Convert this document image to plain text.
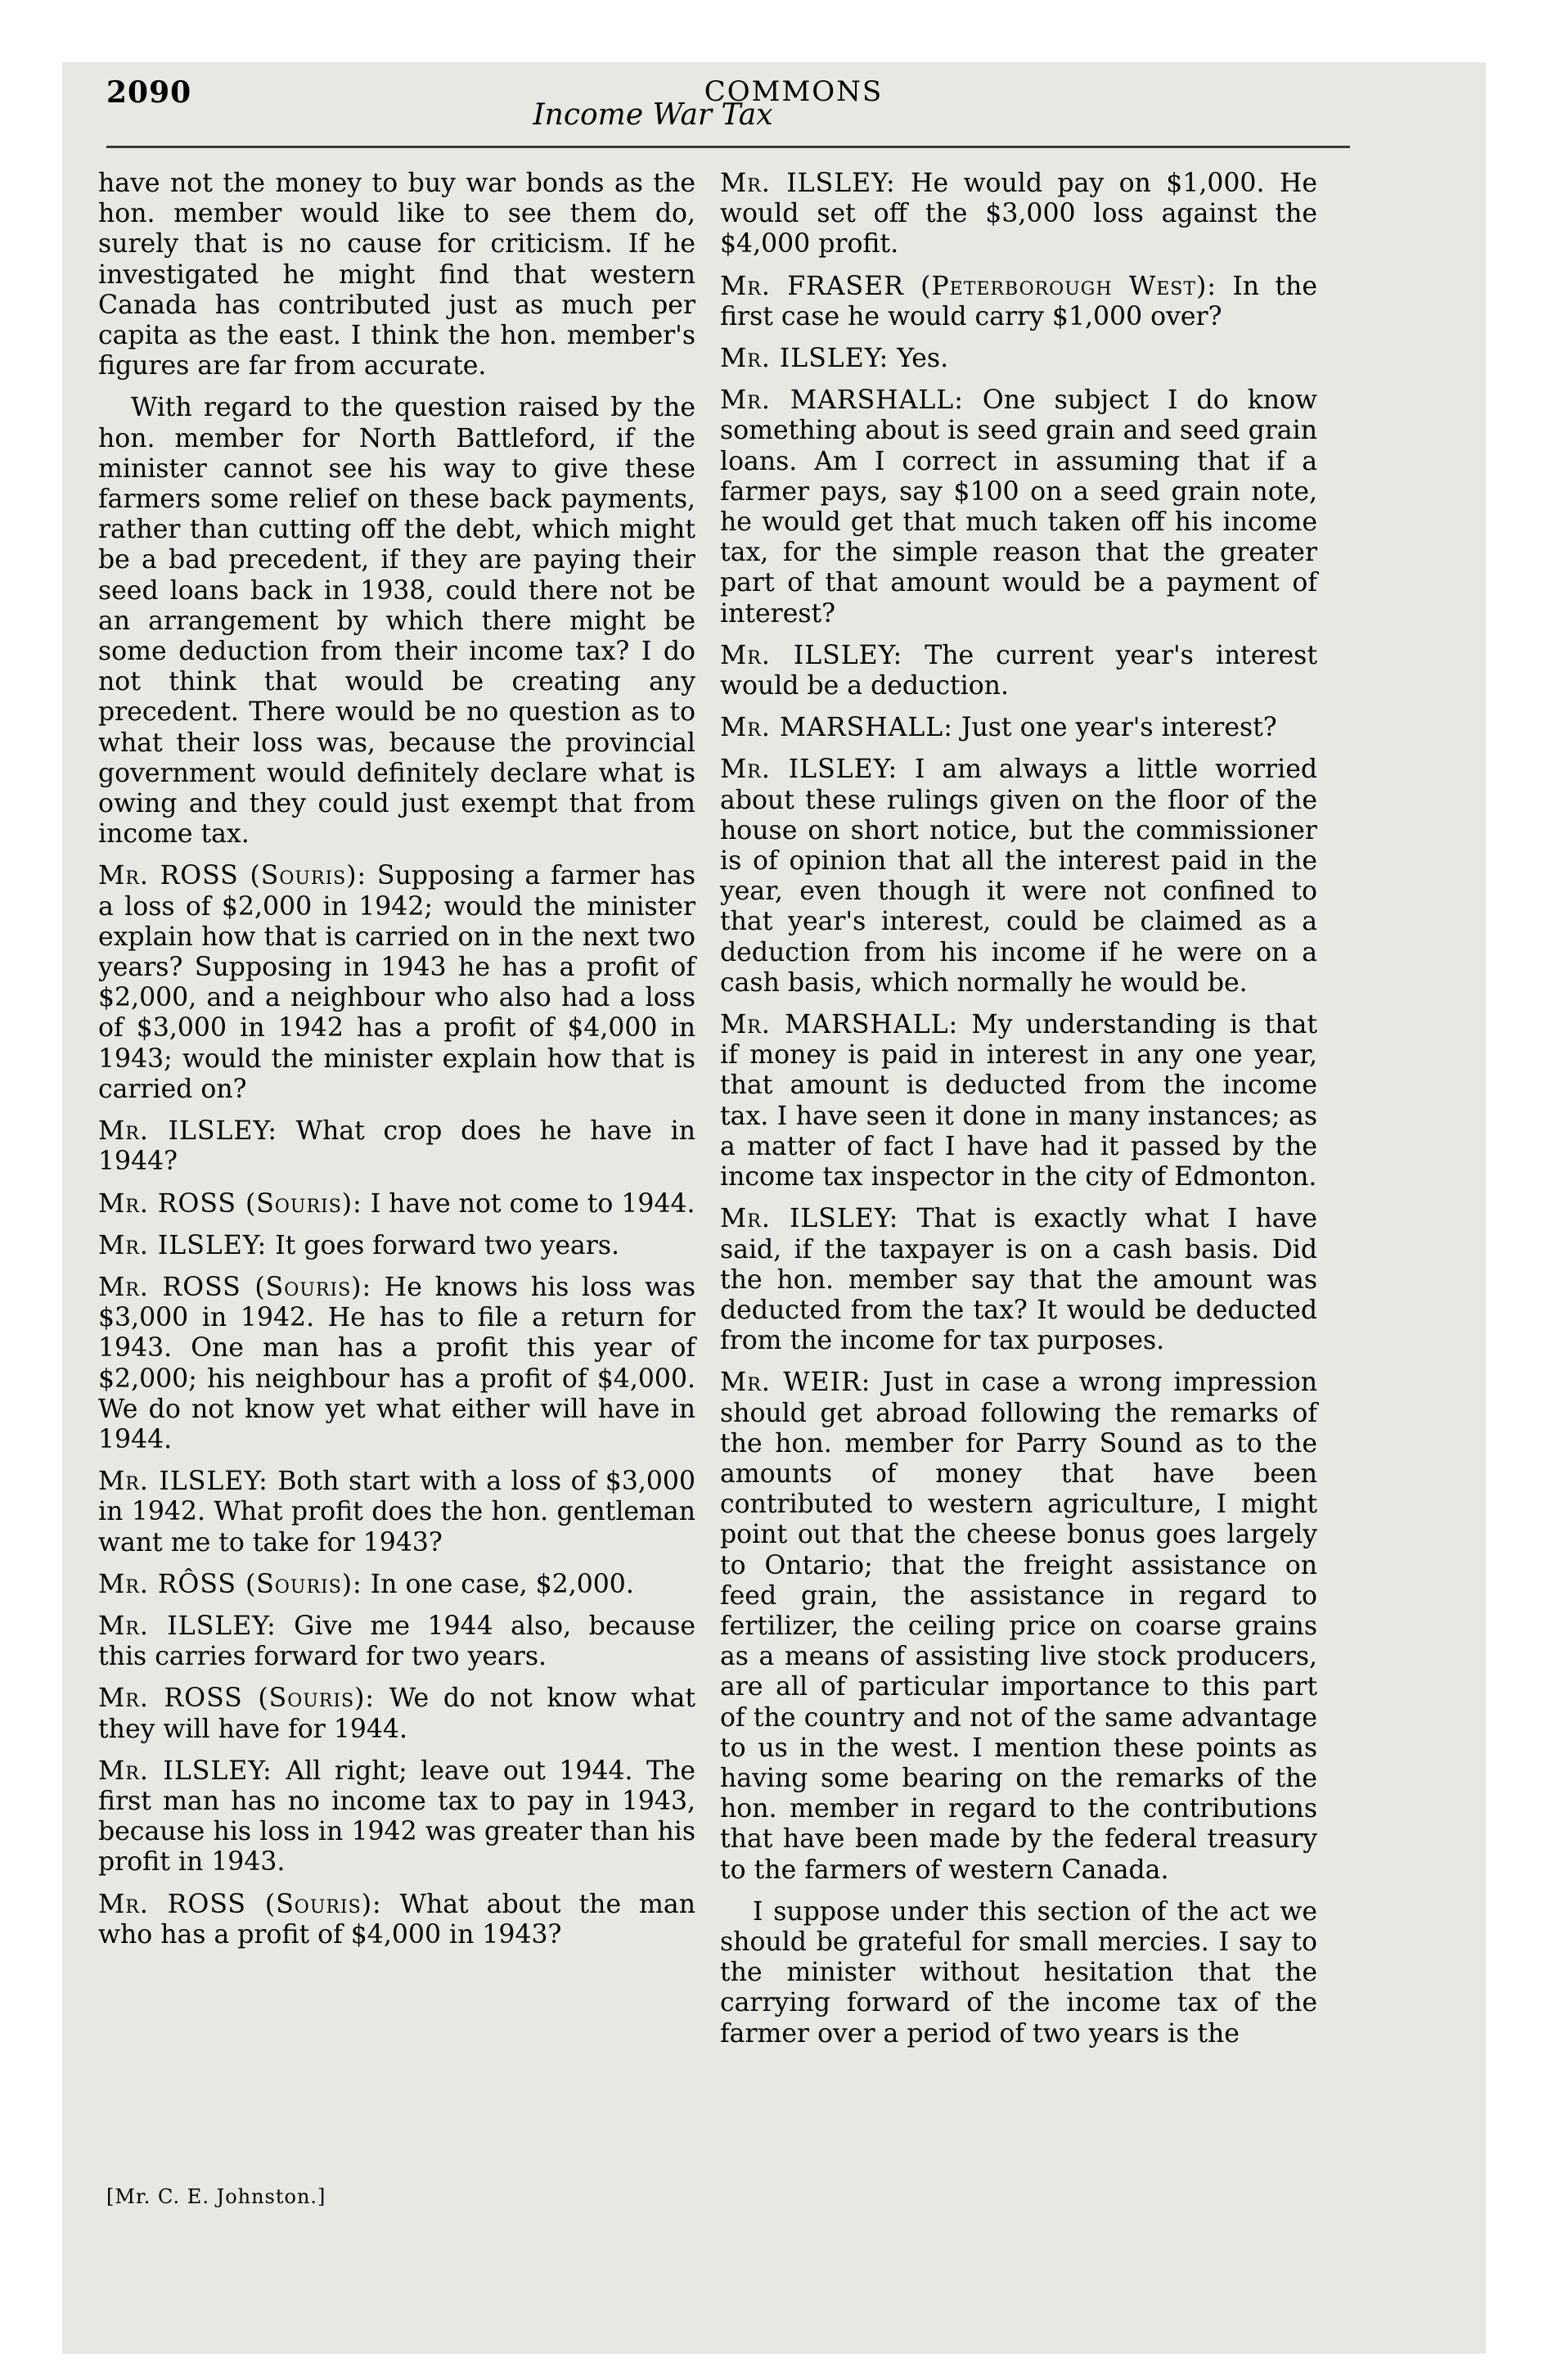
2090
Income War Tax
COMMONS

have not the money to buy war bonds as the hon. member would like to see them do, surely that is no cause for criticism. If he investigated he might find that western Canada has contributed just as much per capita as the east. I think the hon. member's figures are far from accurate.

With regard to the question raised by the hon. member for North Battleford, if the minister cannot see his way to give these farmers some relief on these back payments, rather than cutting off the debt, which might be a bad precedent, if they are paying their seed loans back in 1938, could there not be an arrangement by which there might be some deduction from their income tax? I do not think that would be creating any precedent. There would be no question as to what their loss was, because the provincial government would definitely declare what is owing and they could just exempt that from income tax.

Mr. ROSS (Souris): Supposing a farmer has a loss of $2,000 in 1942; would the minister explain how that is carried on in the next two years? Supposing in 1943 he has a profit of $2,000, and a neighbour who also had a loss of $3,000 in 1942 has a profit of $4,000 in 1943; would the minister explain how that is carried on?

Mr. ILSLEY: What crop does he have in 1944?

Mr. ROSS (Souris): I have not come to 1944.

Mr. ILSLEY: It goes forward two years.

Mr. ROSS (Souris): He knows his loss was $3,000 in 1942. He has to file a return for 1943. One man has a profit this year of $2,000; his neighbour has a profit of $4,000. We do not know yet what either will have in 1944.

Mr. ILSLEY: Both start with a loss of $3,000 in 1942. What profit does the hon. gentleman want me to take for 1943?

Mr. RÔSS (Souris): In one case, $2,000.

Mr. ILSLEY: Give me 1944 also, because this carries forward for two years.

Mr. ROSS (Souris): We do not know what they will have for 1944.

Mr. ILSLEY: All right; leave out 1944. The first man has no income tax to pay in 1943, because his loss in 1942 was greater than his profit in 1943.

Mr. ROSS (Souris): What about the man who has a profit of $4,000 in 1943?

Mr. ILSLEY: He would pay on $1,000. He would set off the $3,000 loss against the $4,000 profit.

Mr. FRASER (Peterborough West): In the first case he would carry $1,000 over?

Mr. ILSLEY: Yes.

Mr. MARSHALL: One subject I do know something about is seed grain and seed grain loans. Am I correct in assuming that if a farmer pays, say $100 on a seed grain note, he would get that much taken off his income tax, for the simple reason that the greater part of that amount would be a payment of interest?

Mr. ILSLEY: The current year's interest would be a deduction.

Mr. MARSHALL: Just one year's interest?

Mr. ILSLEY: I am always a little worried about these rulings given on the floor of the house on short notice, but the commissioner is of opinion that all the interest paid in the year, even though it were not confined to that year's interest, could be claimed as a deduction from his income if he were on a cash basis, which normally he would be.

Mr. MARSHALL: My understanding is that if money is paid in interest in any one year, that amount is deducted from the income tax. I have seen it done in many instances; as a matter of fact I have had it passed by the income tax inspector in the city of Edmonton.

Mr. ILSLEY: That is exactly what I have said, if the taxpayer is on a cash basis. Did the hon. member say that the amount was deducted from the tax? It would be deducted from the income for tax purposes.

Mr. WEIR: Just in case a wrong impression should get abroad following the remarks of the hon. member for Parry Sound as to the amounts of money that have been contributed to western agriculture, I might point out that the cheese bonus goes largely to Ontario; that the freight assistance on feed grain, the assistance in regard to fertilizer, the ceiling price on coarse grains as a means of assisting live stock producers, are all of particular importance to this part of the country and not of the same advantage to us in the west. I mention these points as having some bearing on the remarks of the hon. member in regard to the contributions that have been made by the federal treasury to the farmers of western Canada.

I suppose under this section of the act we should be grateful for small mercies. I say to the minister without hesitation that the carrying forward of the income tax of the farmer over a period of two years is the

[Mr. C. E. Johnston.]
